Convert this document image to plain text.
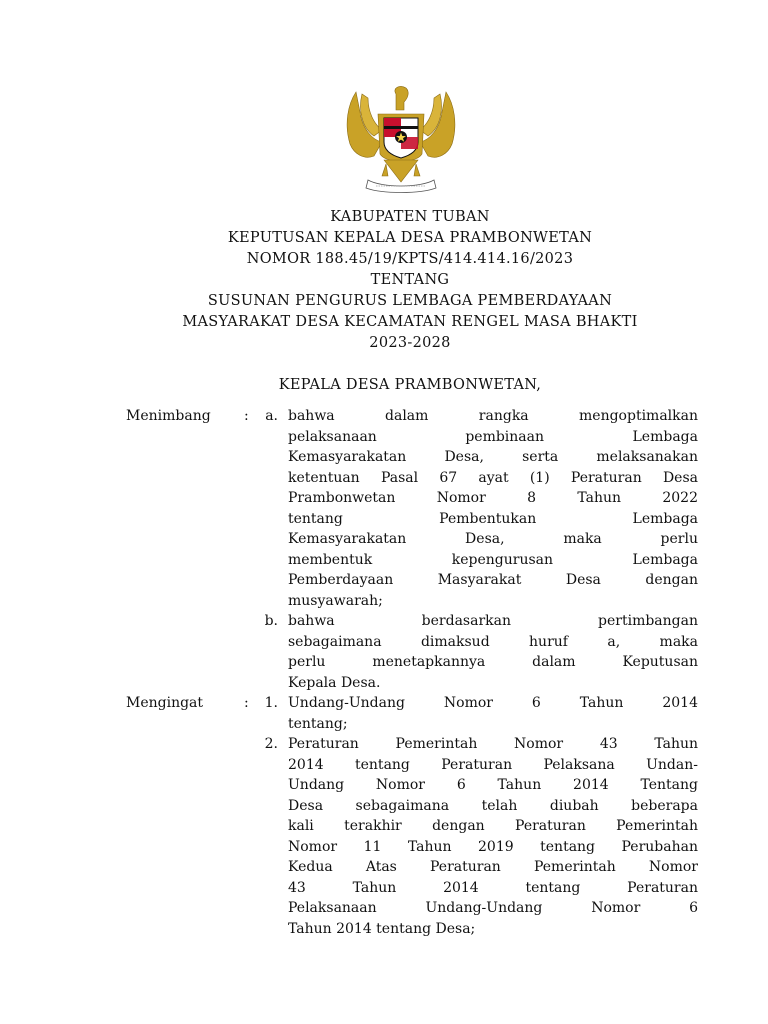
KABUPATEN TUBAN
KEPUTUSAN KEPALA DESA PRAMBONWETAN
NOMOR 188.45/19/KPTS/414.414.16/2023
TENTANG
SUSUNAN PENGURUS LEMBAGA PEMBERDAYAAN
MASYARAKAT DESA KECAMATAN RENGEL MASA BHAKTI
2023-2028
KEPALA DESA PRAMBONWETAN,
Menimbang	:	a. bahwa dalam rangka mengoptimalkan
pelaksanaan pembinaan Lembaga
Kemasyarakatan Desa, serta melaksanakan
ketentuan Pasal 67 ayat (1) Peraturan Desa
Prambonwetan Nomor 8 Tahun 2022
tentang Pembentukan Lembaga
Kemasyarakatan Desa, maka perlu
membentuk kepengurusan Lembaga
Pemberdayaan Masyarakat Desa dengan
musyawarah;
b. bahwa berdasarkan pertimbangan
sebagaimana dimaksud huruf a, maka
perlu menetapkannya dalam Keputusan
Kepala Desa.
Mengingat	:	1. Undang-Undang Nomor 6 Tahun 2014
tentang;
2. Peraturan Pemerintah Nomor 43 Tahun
2014 tentang Peraturan Pelaksana Undan-
Undang Nomor 6 Tahun 2014 Tentang
Desa sebagaimana telah diubah beberapa
kali terakhir dengan Peraturan Pemerintah
Nomor 11 Tahun 2019 tentang Perubahan
Kedua Atas Peraturan Pemerintah Nomor
43 Tahun 2014 tentang Peraturan
Pelaksanaan Undang-Undang Nomor 6
Tahun 2014 tentang Desa;
